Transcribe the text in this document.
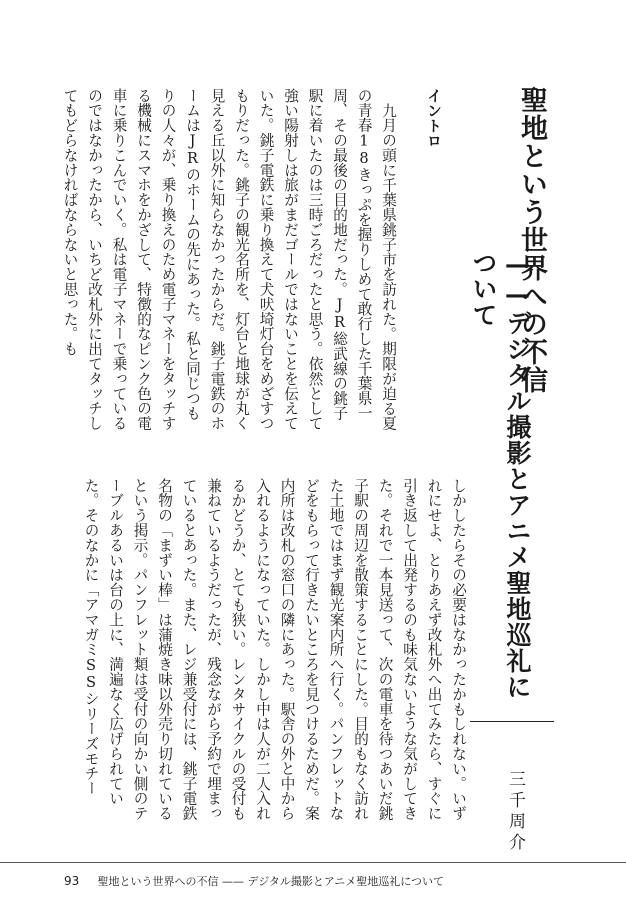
聖地という世界への不信
——デジタル撮影とアニメ聖地巡礼について
三千周介
イントロ

九月の頭に千葉県銚子市を訪れた。期限が迫る夏の青春18きっぷを握りしめて敢行した千葉県一周、その最後の目的地だった。JR総武線の銚子駅に着いたのは三時ごろだったと思う。依然として強い陽射しは旅がまだゴールではないことを伝えていた。銚子電鉄に乗り換えて犬吠埼灯台をめざすつもりだった。銚子の観光名所を、灯台と地球が丸く見える丘以外に知らなかったからだ。銚子電鉄のホームはJRのホームの先にあった。私と同じつもりの人々が、乗り換えのため電子マネーをタッチする機械にスマホをかざして、特徴的なピンク色の電車に乗りこんでいく。私は電子マネーで乗っているのではなかったから、いちど改札外に出てタッチしてもどらなければならないと思った。も

しかしたらその必要はなかったかもしれない。いずれにせよ、とりあえず改札外へ出てみたら、すぐに引き返して出発するのも味気ないような気がしてきた。それで一本見送って、次の電車を待つあいだ銚子駅の周辺を散策することにした。目的もなく訪れた土地ではまず観光案内所へ行く。パンフレットなどをもらって行きたいところを見つけるためだ。案内所は改札の窓口の隣にあった。駅舎の外と中から入れるようになっていた。しかし中は人が二人入れるかどうか、とても狭い。レンタサイクルの受付も兼ねているようだったが、残念ながら予約で埋まっているとあった。また、レジ兼受付には、銚子電鉄名物の「まずい棒」は蒲焼き味以外売り切れているという掲示。パンフレット類は受付の向かい側のテーブルあるいは台の上に、満遍なく広げられていた。そのなかに「アマガミSSシリーズモチー

93 聖地という世界への不信 —— デジタル撮影とアニメ聖地巡礼について
